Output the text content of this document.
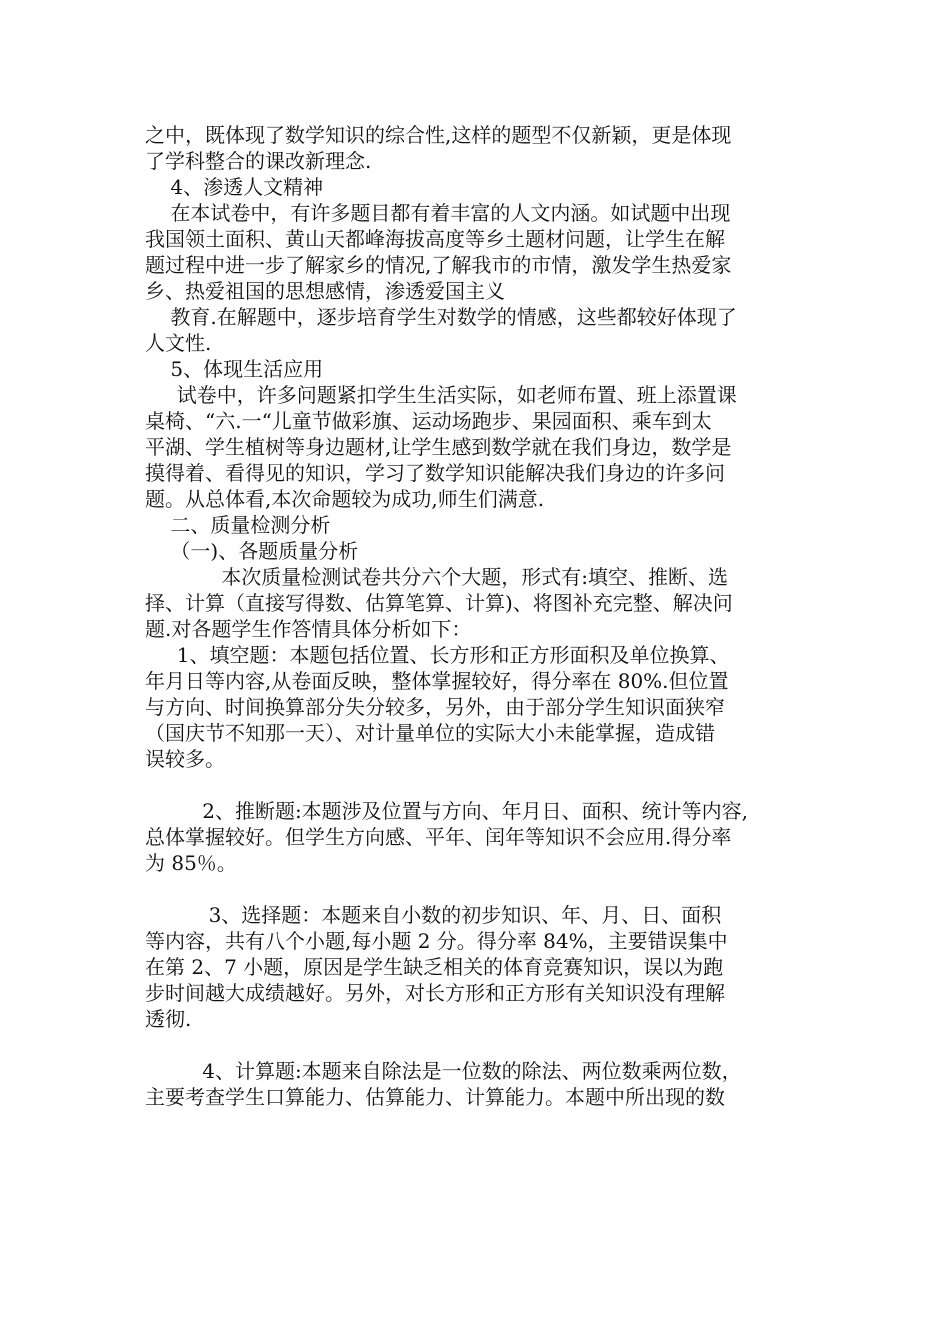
之中，既体现了数学知识的综合性,这样的题型不仅新颖，更是体现

了学科整合的课改新理念.

4、渗透人文精神

在本试卷中，有许多题目都有着丰富的人文内涵。如试题中出现

我国领土面积、黄山天都峰海拔高度等乡土题材问题，让学生在解

题过程中进一步了解家乡的情况,了解我市的市情，激发学生热爱家

乡、热爱祖国的思想感情，渗透爱国主义

教育.在解题中，逐步培育学生对数学的情感，这些都较好体现了

人文性.

5、体现生活应用

试卷中，许多问题紧扣学生生活实际，如老师布置、班上添置课

桌椅、“六.一“儿童节做彩旗、运动场跑步、果园面积、乘车到太

平湖、学生植树等身边题材,让学生感到数学就在我们身边，数学是

摸得着、看得见的知识，学习了数学知识能解决我们身边的许多问

题。从总体看,本次命题较为成功,师生们满意.

二、质量检测分析

（一)、各题质量分析

本次质量检测试卷共分六个大题，形式有:填空、推断、选

择、计算（直接写得数、估算笔算、计算)、将图补充完整、解决问

题.对各题学生作答情具体分析如下：

1、填空题：本题包括位置、长方形和正方形面积及单位换算、

年月日等内容,从卷面反映，整体掌握较好，得分率在 80%.但位置

与方向、时间换算部分失分较多，另外，由于部分学生知识面狭窄

（国庆节不知那一天）、对计量单位的实际大小未能掌握，造成错

误较多。

2、推断题:本题涉及位置与方向、年月日、面积、统计等内容,

总体掌握较好。但学生方向感、平年、闰年等知识不会应用.得分率

为 85％。

3、选择题：本题来自小数的初步知识、年、月、日、面积

等内容，共有八个小题,每小题 2 分。得分率 84%，主要错误集中

在第 2、7 小题，原因是学生缺乏相关的体育竞赛知识，误以为跑

步时间越大成绩越好。另外，对长方形和正方形有关知识没有理解

透彻.

4、计算题:本题来自除法是一位数的除法、两位数乘两位数，

主要考查学生口算能力、估算能力、计算能力。本题中所出现的数
